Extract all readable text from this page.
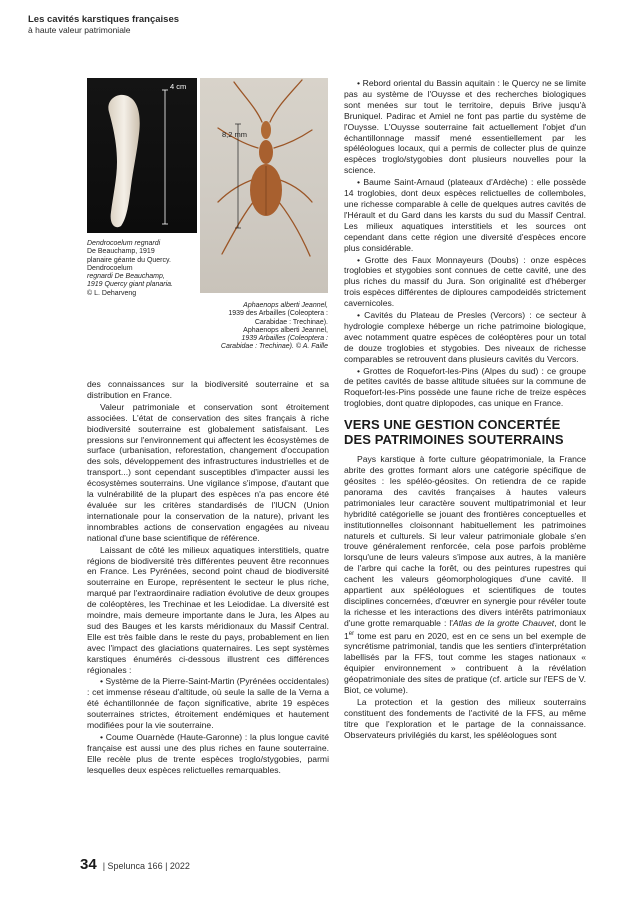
Les cavités karstiques françaises
à haute valeur patrimoniale
4 cm
8,2 mm
Dendrocoelum regnardi
De Beauchamp, 1919
planaire géante du Quercy.
Dendrocoelum
regnardi De Beauchamp,
1919 Quercy giant planaria.
© L. Deharveng
Aphaenops alberti Jeannel,
1939 des Arbailles (Coleoptera :
Carabidae : Trechinae).
Aphaenops alberti Jeannel,
1939 Arbailles (Coleoptera :
Carabidae : Trechinae). © A. Faille

des connaissances sur la biodiversité souterraine et sa distribution en France.

Valeur patrimoniale et conservation sont étroitement associées. L'état de conservation des sites français à riche biodiversité souterraine est globalement satisfaisant. Les pressions sur l'environnement qui affectent les écosystèmes de surface (urbanisation, reforestation, changement d'occupation des sols, développement des infrastructures industrielles et de transport...) sont cependant susceptibles d'impacter aussi les écosystèmes souterrains. Une vigilance s'impose, d'autant que la vulnérabilité de la plupart des espèces n'a pas encore été évaluée sur les critères standardisés de l'IUCN (Union internationale pour la conservation de la nature), privant les innombrables actions de conservation engagées au niveau national d'une base scientifique de référence.

Laissant de côté les milieux aquatiques interstitiels, quatre régions de biodiversité très différentes peuvent être reconnues en France. Les Pyrénées, second point chaud de biodiversité souterraine en Europe, représentent le secteur le plus riche, marqué par l'extraordinaire radiation évolutive de deux groupes de coléoptères, les Trechinae et les Leiodidae. La diversité est moindre, mais demeure importante dans le Jura, les Alpes au sud des Bauges et les karsts méridionaux du Massif Central. Elle est très faible dans le reste du pays, probablement en lien avec l'impact des glaciations quaternaires. Les sept systèmes karstiques énumérés ci-dessous illustrent ces différences régionales :

• Système de la Pierre-Saint-Martin (Pyrénées occidentales) : cet immense réseau d'altitude, où seule la salle de la Verna a été échantillonnée de façon significative, abrite 19 espèces souterraines strictes, étroitement endémiques et hautement modifiées pour la vie souterraine.

• Coume Ouarnède (Haute-Garonne) : la plus longue cavité française est aussi une des plus riches en faune souterraine. Elle recèle plus de trente espèces troglo/stygobies, parmi lesquelles deux espèces relictuelles remarquables.

• Rebord oriental du Bassin aquitain : le Quercy ne se limite pas au système de l'Ouysse et des recherches biologiques sont menées sur tout le territoire, depuis Brive jusqu'à Bruniquel. Padirac et Amiel ne font pas partie du système de l'Ouysse. L'Ouysse souterraine fait actuellement l'objet d'un échantillonnage massif mené essentiellement par les spéléologues locaux, qui a permis de collecter plus de quinze espèces troglo/stygobies dont plusieurs nouvelles pour la science.

• Baume Saint-Arnaud (plateaux d'Ardèche) : elle possède 14 troglobies, dont deux espèces relictuelles de collemboles, une richesse comparable à celle de quelques autres cavités de l'Hérault et du Gard dans les karsts du sud du Massif Central. Les milieux aquatiques interstitiels et les sources ont cependant dans cette région une diversité d'espèces encore plus considérable.

• Grotte des Faux Monnayeurs (Doubs) : onze espèces troglobies et stygobies sont connues de cette cavité, une des plus riches du massif du Jura. Son originalité est d'héberger trois espèces différentes de diploures campodeidés strictement cavernicoles.

• Cavités du Plateau de Presles (Vercors) : ce secteur à hydrologie complexe héberge un riche patrimoine biologique, avec notamment quatre espèces de coléoptères pour un total de douze troglobies et stygobies. Des niveaux de richesse comparables se retrouvent dans plusieurs cavités du Vercors.

• Grottes de Roquefort-les-Pins (Alpes du sud) : ce groupe de petites cavités de basse altitude situées sur la commune de Roquefort-les-Pins possède une faune riche de treize espèces troglobies, dont quatre diplopodes, cas unique en France.

VERS UNE GESTION CONCERTÉE
DES PATRIMOINES SOUTERRAINS

Pays karstique à forte culture géopatrimoniale, la France abrite des grottes formant alors une catégorie spécifique de géosites : les spéléo-géosites. On retiendra de ce rapide panorama des cavités françaises à hautes valeurs patrimoniales leur caractère souvent multipatrimonial et leur hybridité catégorielle se jouant des frontières conceptuelles et institutionnelles cloisonnant habituellement les patrimoines naturels et culturels. Si leur valeur patrimoniale globale s'en trouve généralement renforcée, cela pose parfois problème lorsqu'une de leurs valeurs s'impose aux autres, à la manière de l'arbre qui cache la forêt, ou des peintures rupestres qui cachent les valeurs géomorphologiques d'une cavité. Il appartient aux spéléologues et scientifiques de toutes disciplines concernées, d'œuvrer en synergie pour révéler toute la richesse et les interactions des divers intérêts patrimoniaux d'une grotte remarquable : l'Atlas de la grotte Chauvet, dont le 1er tome est paru en 2020, est en ce sens un bel exemple de syncrétisme patrimonial, tandis que les sentiers d'interprétation labellisés par la FFS, tout comme les stages nationaux « équipier environnement » contribuent à la révélation géopatrimoniale des sites de pratique (cf. article sur l'EFS de V. Biot, ce volume).

La protection et la gestion des milieux souterrains constituent des fondements de l'activité de la FFS, au même titre que l'exploration et le partage de la connaissance. Observateurs privilégiés du karst, les spéléologues sont

34 | Spelunca 166 | 2022
